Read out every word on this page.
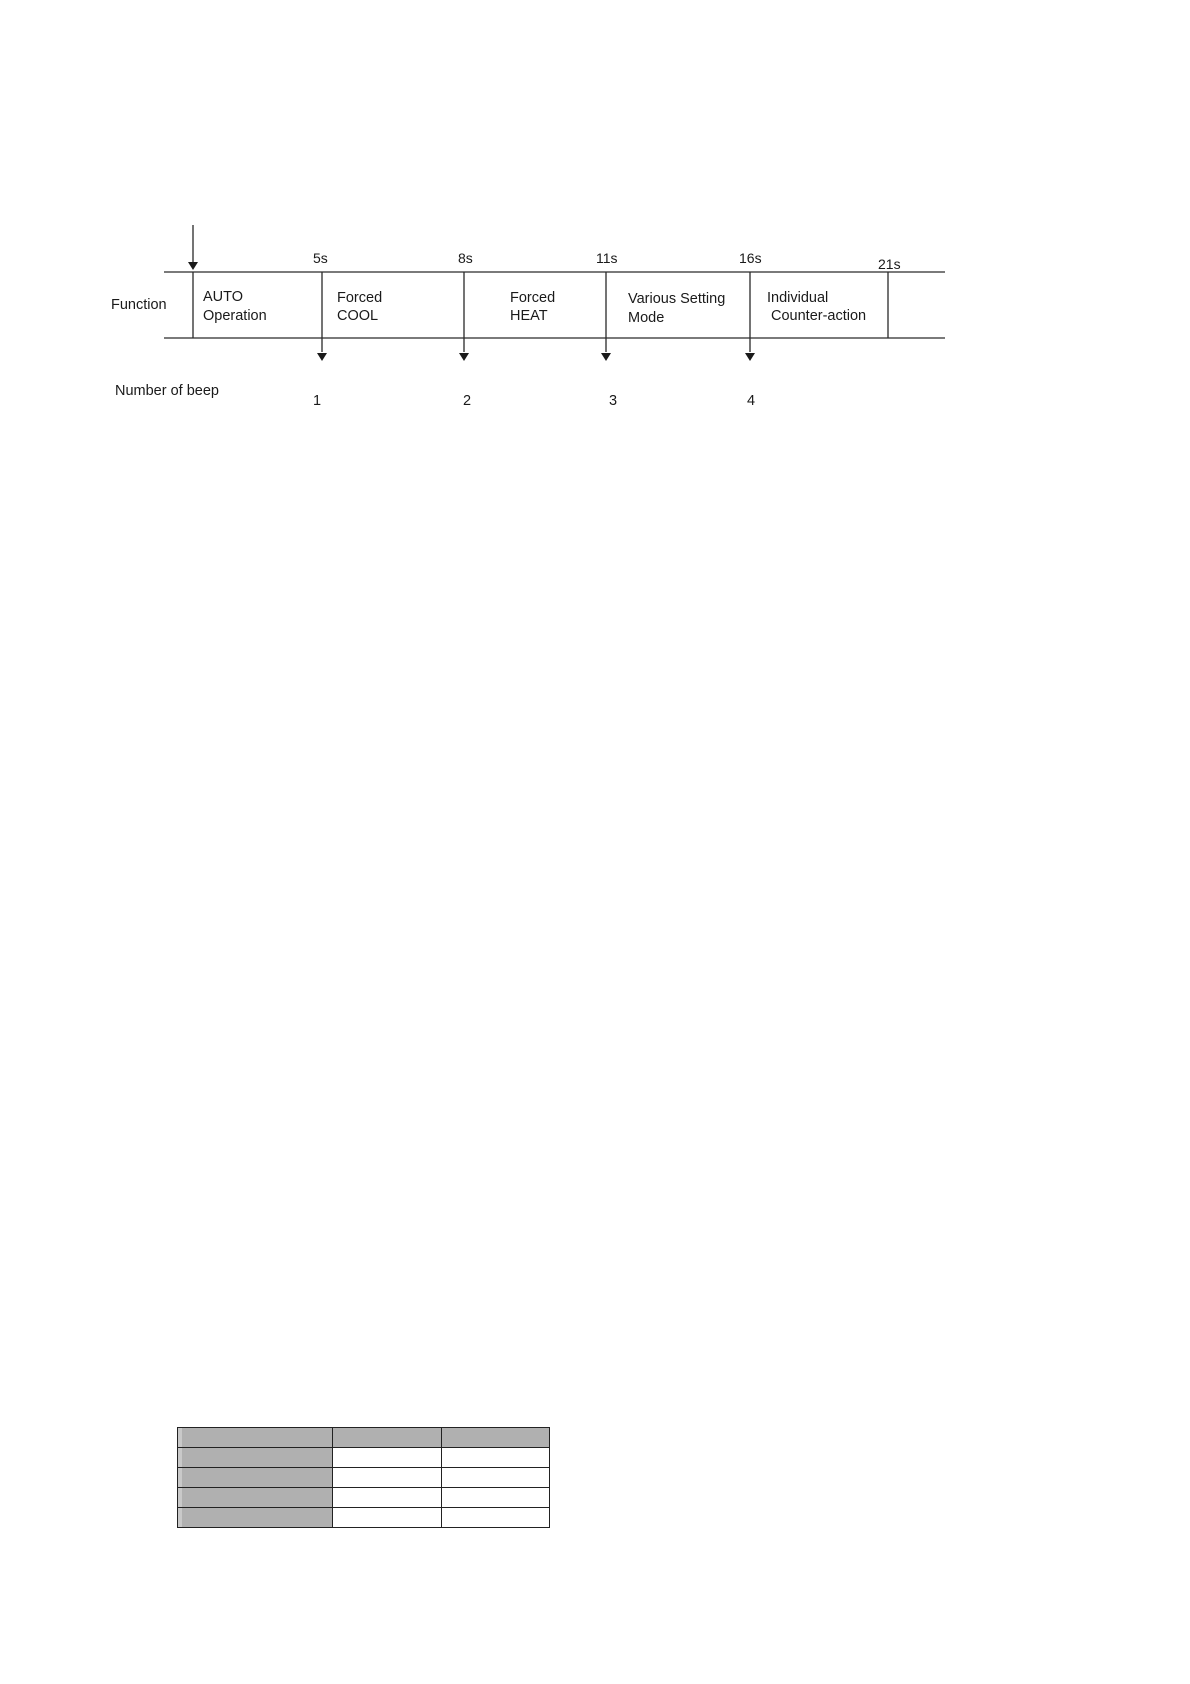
5s	8s	11s	16s	21s
Function
Number of beep
AUTO
Operation
Forced
COOL
Forced
HEAT
Various Setting
Mode
Individual
Counter-action
1	2	3	4
